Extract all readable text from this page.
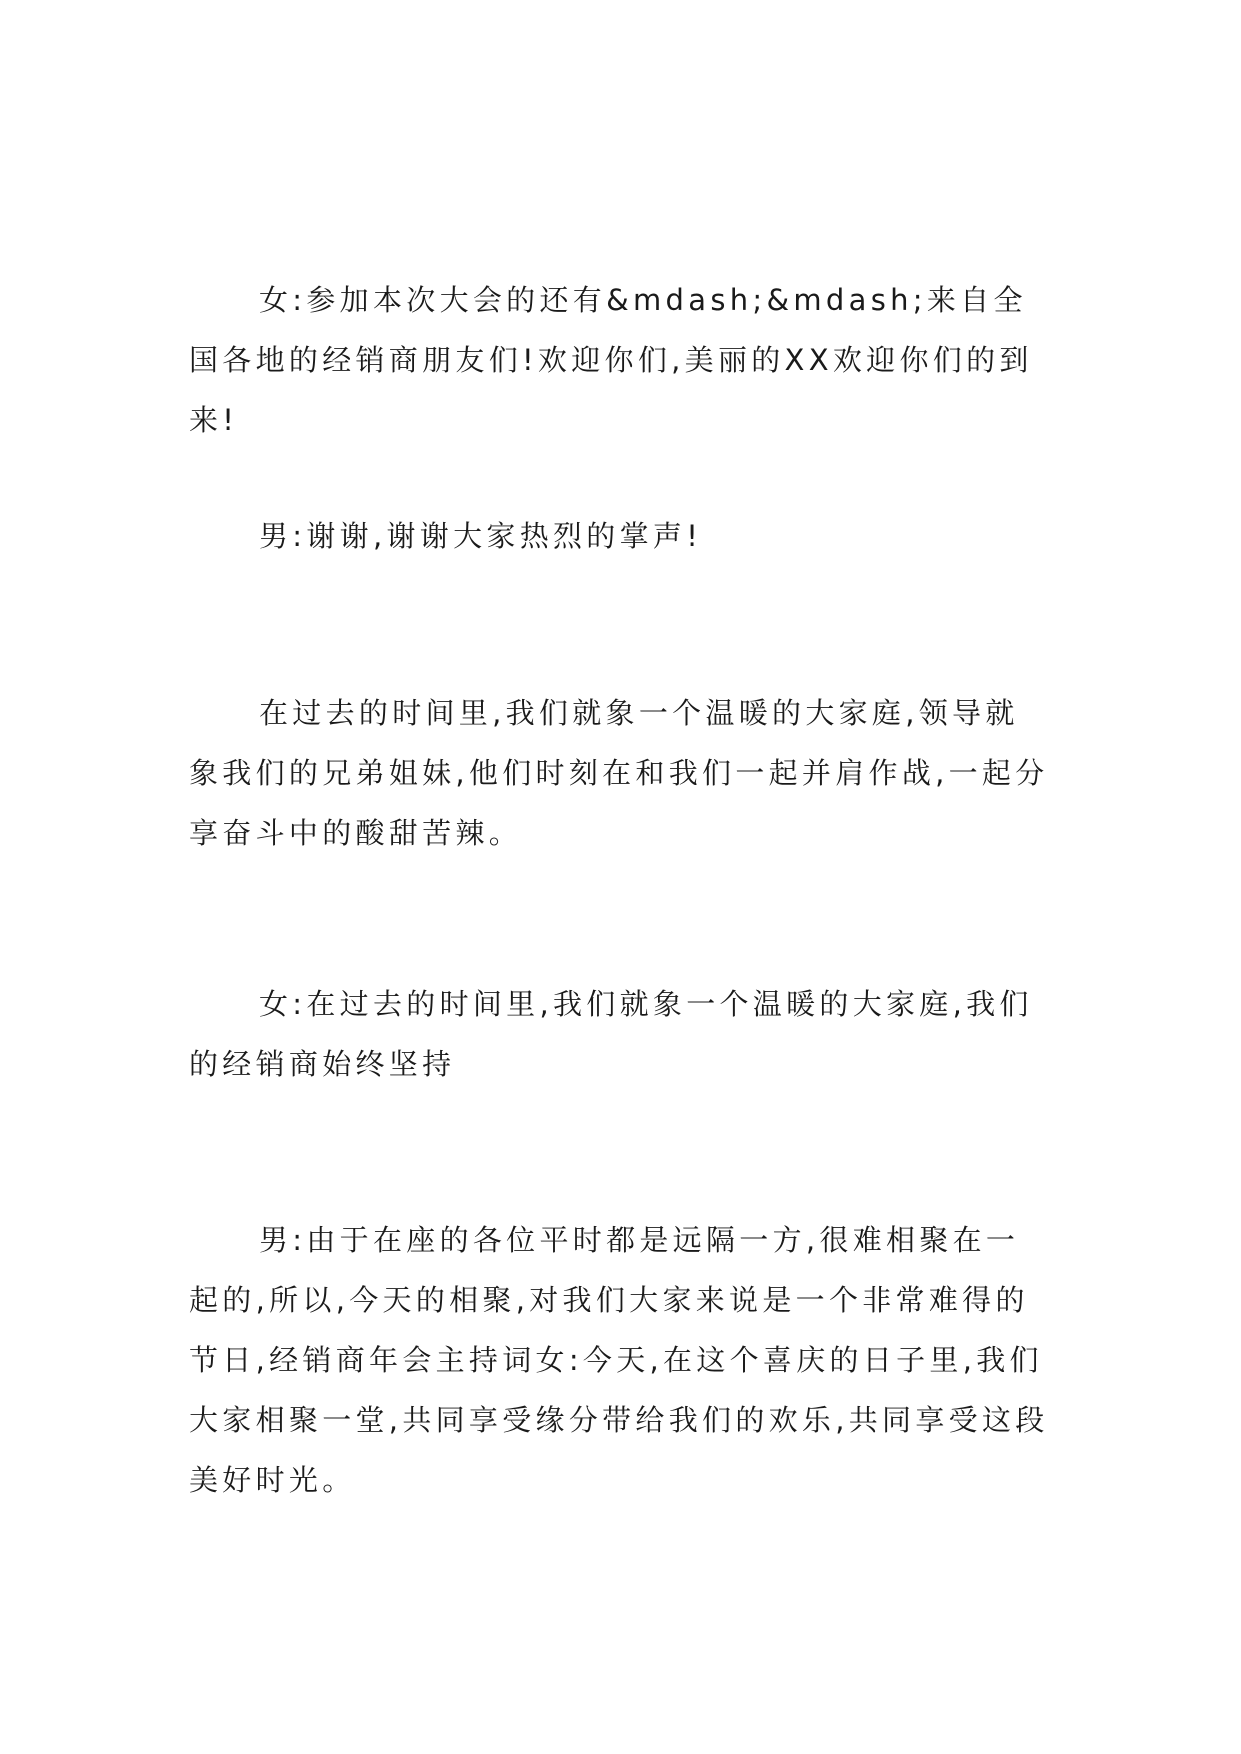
女:参加本次大会的还有&mdash;&mdash;来自全国各地的经销商朋友们!欢迎你们,美丽的XX欢迎你们的到来!

男:谢谢,谢谢大家热烈的掌声!

在过去的时间里,我们就象一个温暖的大家庭,领导就象我们的兄弟姐妹,他们时刻在和我们一起并肩作战,一起分享奋斗中的酸甜苦辣。

女:在过去的时间里,我们就象一个温暖的大家庭,我们的经销商始终坚持

男:由于在座的各位平时都是远隔一方,很难相聚在一起的,所以,今天的相聚,对我们大家来说是一个非常难得的节日,经销商年会主持词女:今天,在这个喜庆的日子里,我们大家相聚一堂,共同享受缘分带给我们的欢乐,共同享受这段美好时光。
